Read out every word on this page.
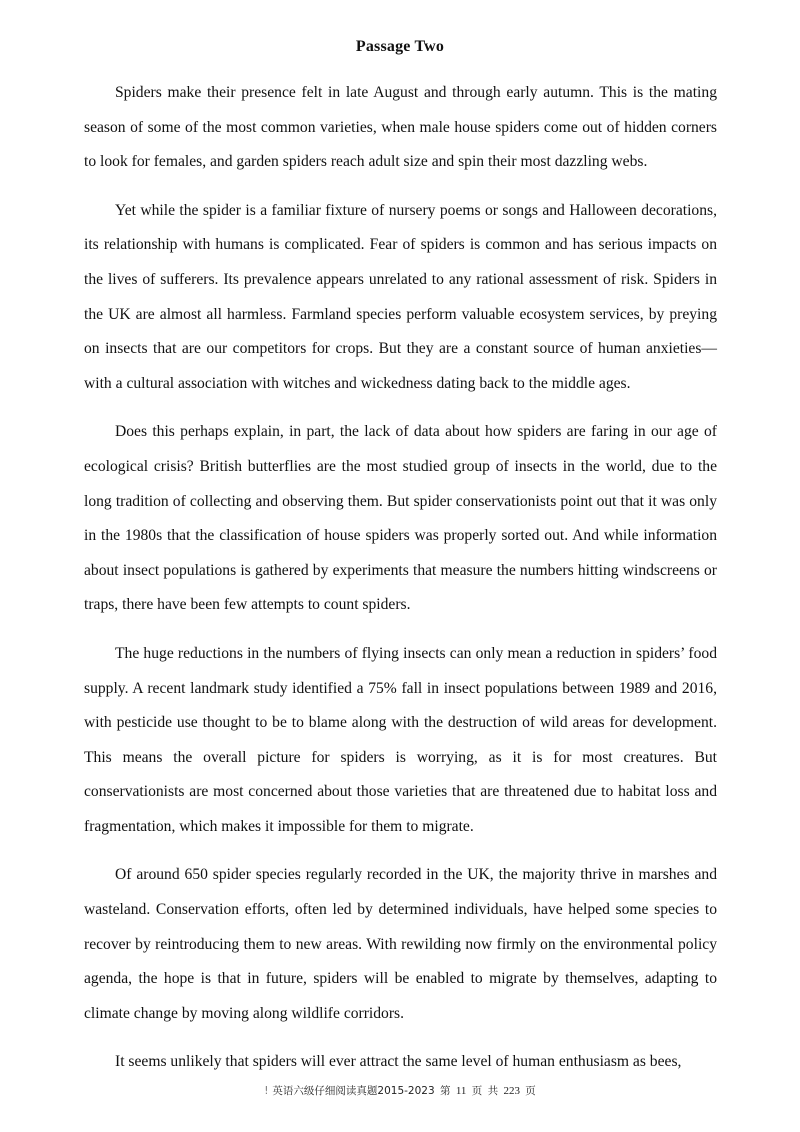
Passage Two

Spiders make their presence felt in late August and through early autumn. This is the mating season of some of the most common varieties, when male house spiders come out of hidden corners to look for females, and garden spiders reach adult size and spin their most dazzling webs.

Yet while the spider is a familiar fixture of nursery poems or songs and Halloween decorations, its relationship with humans is complicated. Fear of spiders is common and has serious impacts on the lives of sufferers. Its prevalence appears unrelated to any rational assessment of risk. Spiders in the UK are almost all harmless. Farmland species perform valuable ecosystem services, by preying on insects that are our competitors for crops. But they are a constant source of human anxieties—with a cultural association with witches and wickedness dating back to the middle ages.

Does this perhaps explain, in part, the lack of data about how spiders are faring in our age of ecological crisis? British butterflies are the most studied group of insects in the world, due to the long tradition of collecting and observing them. But spider conservationists point out that it was only in the 1980s that the classification of house spiders was properly sorted out. And while information about insect populations is gathered by experiments that measure the numbers hitting windscreens or traps, there have been few attempts to count spiders.

The huge reductions in the numbers of flying insects can only mean a reduction in spiders’ food supply. A recent landmark study identified a 75% fall in insect populations between 1989 and 2016, with pesticide use thought to be to blame along with the destruction of wild areas for development. This means the overall picture for spiders is worrying, as it is for most creatures. But conservationists are most concerned about those varieties that are threatened due to habitat loss and fragmentation, which makes it impossible for them to migrate.

Of around 650 spider species regularly recorded in the UK, the majority thrive in marshes and wasteland. Conservation efforts, often led by determined individuals, have helped some species to recover by reintroducing them to new areas. With rewilding now firmly on the environmental policy agenda, the hope is that in future, spiders will be enabled to migrate by themselves, adapting to climate change by moving along wildlife corridors.

It seems unlikely that spiders will ever attract the same level of human enthusiasm as bees,

! 英语六级仔细阅读真题2015-2023 第 11 页 共 223 页
